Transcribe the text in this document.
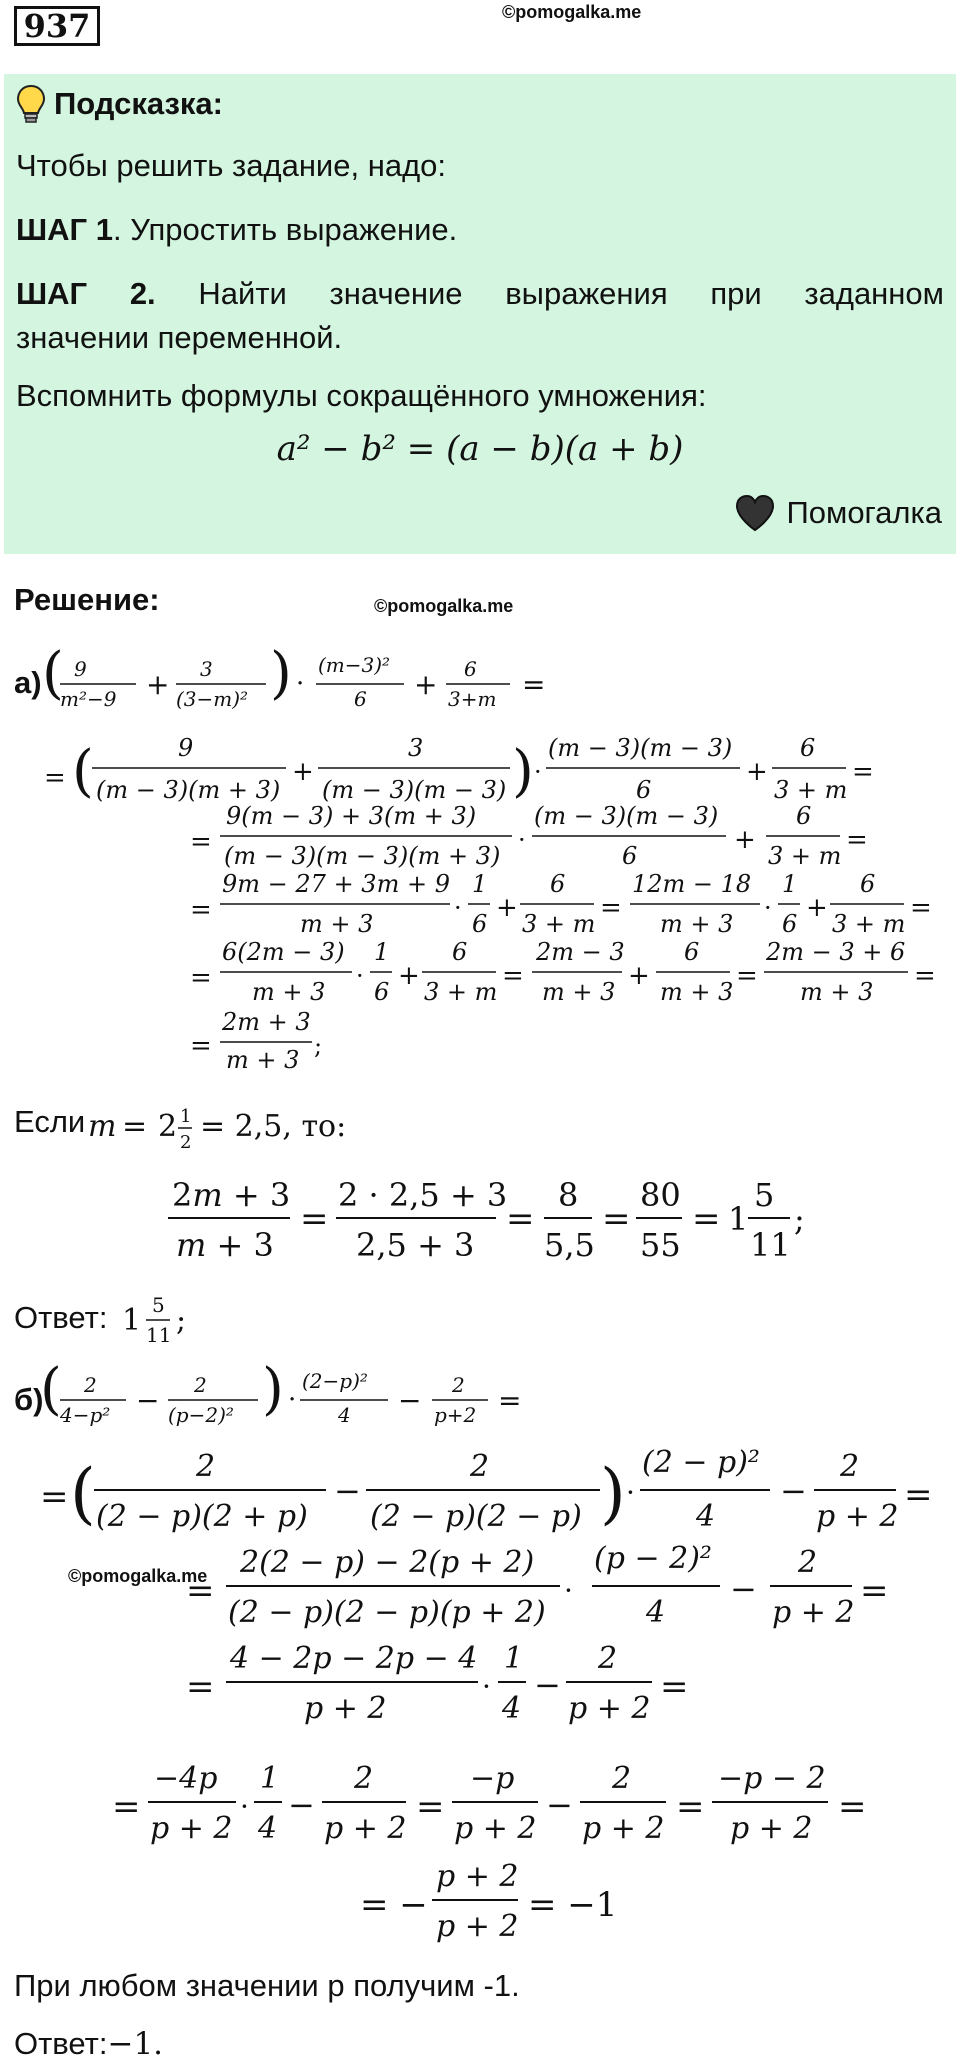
937	©pomogalka.me
Подсказка:
Чтобы решить задание, надо:
ШАГ 1. Упростить выражение.
ШАГ 2. Найти значение выражения при заданном
значении переменной.
Вспомнить формулы сокращённого умножения:
a² − b² = (a − b)(a + b)
Помогалка
Решение:	©pomogalka.me
а) ( 9
m²−9 + 3
(3−m)² ) ·
(m−3)²
6 + 6
3+m =
= (	9
(m − 3)(m + 3)
+
3
(m − 3)(m − 3) ) ·
(m − 3)(m − 3)
6
+
6
3 + m
=
=
9(m − 3) + 3(m + 3)
(m − 3)(m − 3)(m + 3)
·
(m − 3)(m − 3)
6
+
6
3 + m
=
=
9m − 27 + 3m + 9
m + 3
·
1
6
+
6
3 + m
=
12m − 18
m + 3
·
1
6
+
6
3 + m
=
=
6(2m − 3)
m + 3
·
1
6
+
6
3 + m
=
2m − 3
m + 3
+
6
m + 3
=
2m − 3 + 6
m + 3
=
=
2m + 3
m + 3 ;
Если m = 2 1
2 = 2,5, то:
2m + 3
m + 3
=
2 · 2,5 + 3
2,5 + 3
=
8
5,5
=
80
55
= 1
5
11
;
Ответ: 1 5
11 ;
б)
©pomogalka.me
( 2
4−p² − 2
(p−2)² ) ·
(2−p)²
4 − 2
p+2 =
= (	2
(2 − p)(2 + p)
−
2
(2 − p)(2 − p) ) ·
(2 − p)²
4
−
2
p + 2
=
=
2(2 − p) − 2(p + 2)
(2 − p)(2 − p)(p + 2)
·
(p − 2)²
4
−
2
p + 2
=
=
4 − 2p − 2p − 4
p + 2
·
1
4
−
2
p + 2
=
=
−4p
p + 2
·
1
4
−
2
p + 2
=
−p
p + 2
−
2
p + 2
=
−p − 2
p + 2
=
= −
p + 2
p + 2
= −1
При любом значении р получим -1.
Ответ:−1.
